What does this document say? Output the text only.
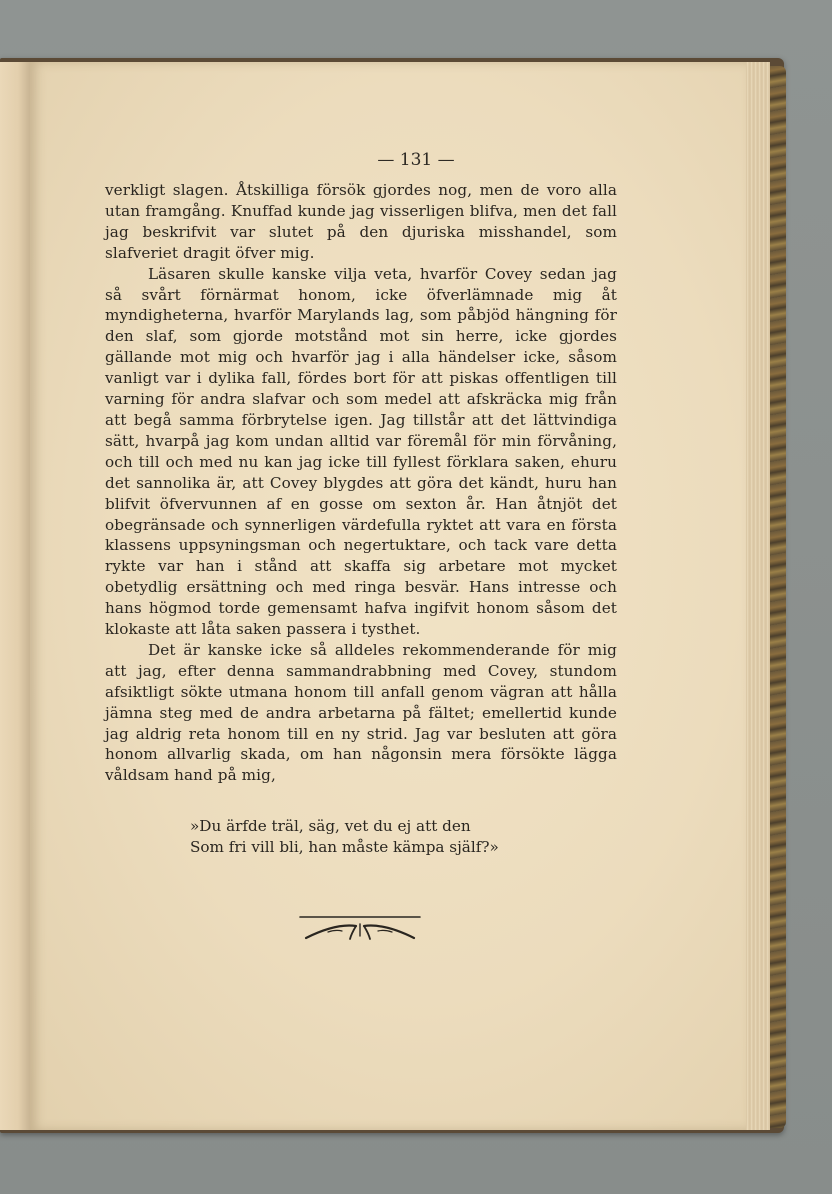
— 131 —

verkligt slagen. Åtskilliga försök gjordes nog, men de voro alla utan framgång. Knuffad kunde jag visserligen blifva, men det fall jag beskrifvit var slutet på den djuriska misshandel, som slafveriet dragit öfver mig.

Läsaren skulle kanske vilja veta, hvarför Covey sedan jag så svårt förnärmat honom, icke öfverlämnade mig åt myndigheterna, hvarför Marylands lag, som påbjöd hängning för den slaf, som gjorde motstånd mot sin herre, icke gjordes gällande mot mig och hvarför jag i alla händelser icke, såsom vanligt var i dylika fall, fördes bort för att piskas offentligen till varning för andra slafvar och som medel att afskräcka mig från att begå samma förbrytelse igen. Jag tillstår att det lättvindiga sätt, hvarpå jag kom undan alltid var föremål för min förvåning, och till och med nu kan jag icke till fyllest förklara saken, ehuru det sannolika är, att Covey blygdes att göra det kändt, huru han blifvit öfvervunnen af en gosse om sexton år. Han åtnjöt det obegränsade och synnerligen värdefulla ryktet att vara en första klassens uppsyningsman och negertuktare, och tack vare detta rykte var han i stånd att skaffa sig arbetare mot mycket obetydlig ersättning och med ringa besvär. Hans intresse och hans högmod torde gemensamt hafva ingifvit honom såsom det klokaste att låta saken passera i tysthet.

Det är kanske icke så alldeles rekommenderande för mig att jag, efter denna sammandrabbning med Covey, stundom afsiktligt sökte utmana honom till anfall genom vägran att hålla jämna steg med de andra arbetarna på fältet; emellertid kunde jag aldrig reta honom till en ny strid. Jag var besluten att göra honom allvarlig skada, om han någonsin mera försökte lägga våldsam hand på mig,

»Du ärfde träl, säg, vet du ej att den
Som fri vill bli, han måste kämpa själf?»
